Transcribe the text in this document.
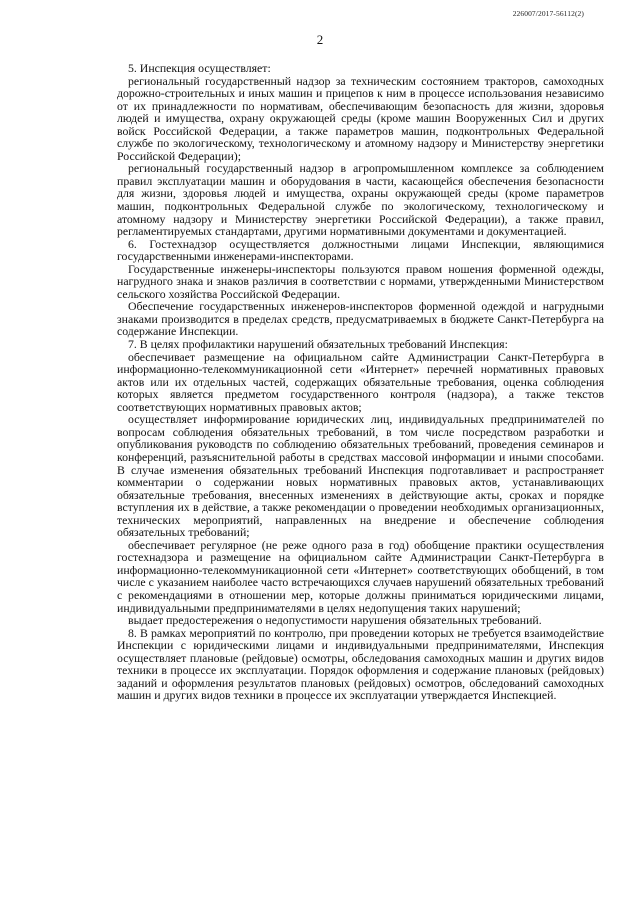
226007/2017-56112(2)
2

5. Инспекция осуществляет:

региональный государственный надзор за техническим состоянием тракторов, самоходных дорожно-строительных и иных машин и прицепов к ним в процессе использования независимо от их принадлежности по нормативам, обеспечивающим безопасность для жизни, здоровья людей и имущества, охрану окружающей среды (кроме машин Вооруженных Сил и других войск Российской Федерации, а также параметров машин, подконтрольных Федеральной службе по экологическому, технологическому и атомному надзору и Министерству энергетики Российской Федерации);

региональный государственный надзор в агропромышленном комплексе за соблюдением правил эксплуатации машин и оборудования в части, касающейся обеспечения безопасности для жизни, здоровья людей и имущества, охраны окружающей среды (кроме параметров машин, подконтрольных Федеральной службе по экологическому, технологическому и атомному надзору и Министерству энергетики Российской Федерации), а также правил, регламентируемых стандартами, другими нормативными документами и документацией.

6. Гостехнадзор осуществляется должностными лицами Инспекции, являющимися государственными инженерами-инспекторами.

Государственные инженеры-инспекторы пользуются правом ношения форменной одежды, нагрудного знака и знаков различия в соответствии с нормами, утвержденными Министерством сельского хозяйства Российской Федерации.

Обеспечение государственных инженеров-инспекторов форменной одеждой и нагрудными знаками производится в пределах средств, предусматриваемых в бюджете Санкт-Петербурга на содержание Инспекции.

7. В целях профилактики нарушений обязательных требований Инспекция:

обеспечивает размещение на официальном сайте Администрации Санкт-Петербурга в информационно-телекоммуникационной сети «Интернет» перечней нормативных правовых актов или их отдельных частей, содержащих обязательные требования, оценка соблюдения которых является предметом государственного контроля (надзора), а также текстов соответствующих нормативных правовых актов;

осуществляет информирование юридических лиц, индивидуальных предпринимателей по вопросам соблюдения обязательных требований, в том числе посредством разработки и опубликования руководств по соблюдению обязательных требований, проведения семинаров и конференций, разъяснительной работы в средствах массовой информации и иными способами. В случае изменения обязательных требований Инспекция подготавливает и распространяет комментарии о содержании новых нормативных правовых актов, устанавливающих обязательные требования, внесенных изменениях в действующие акты, сроках и порядке вступления их в действие, а также рекомендации о проведении необходимых организационных, технических мероприятий, направленных на внедрение и обеспечение соблюдения обязательных требований;

обеспечивает регулярное (не реже одного раза в год) обобщение практики осуществления гостехнадзора и размещение на официальном сайте Администрации Санкт-Петербурга в информационно-телекоммуникационной сети «Интернет» соответствующих обобщений, в том числе с указанием наиболее часто встречающихся случаев нарушений обязательных требований с рекомендациями в отношении мер, которые должны приниматься юридическими лицами, индивидуальными предпринимателями в целях недопущения таких нарушений;

выдает предостережения о недопустимости нарушения обязательных требований.

8. В рамках мероприятий по контролю, при проведении которых не требуется взаимодействие Инспекции с юридическими лицами и индивидуальными предпринимателями, Инспекция осуществляет плановые (рейдовые) осмотры, обследования самоходных машин и других видов техники в процессе их эксплуатации. Порядок оформления и содержание плановых (рейдовых) заданий и оформления результатов плановых (рейдовых) осмотров, обследований самоходных машин и других видов техники в процессе их эксплуатации утверждается Инспекцией.
